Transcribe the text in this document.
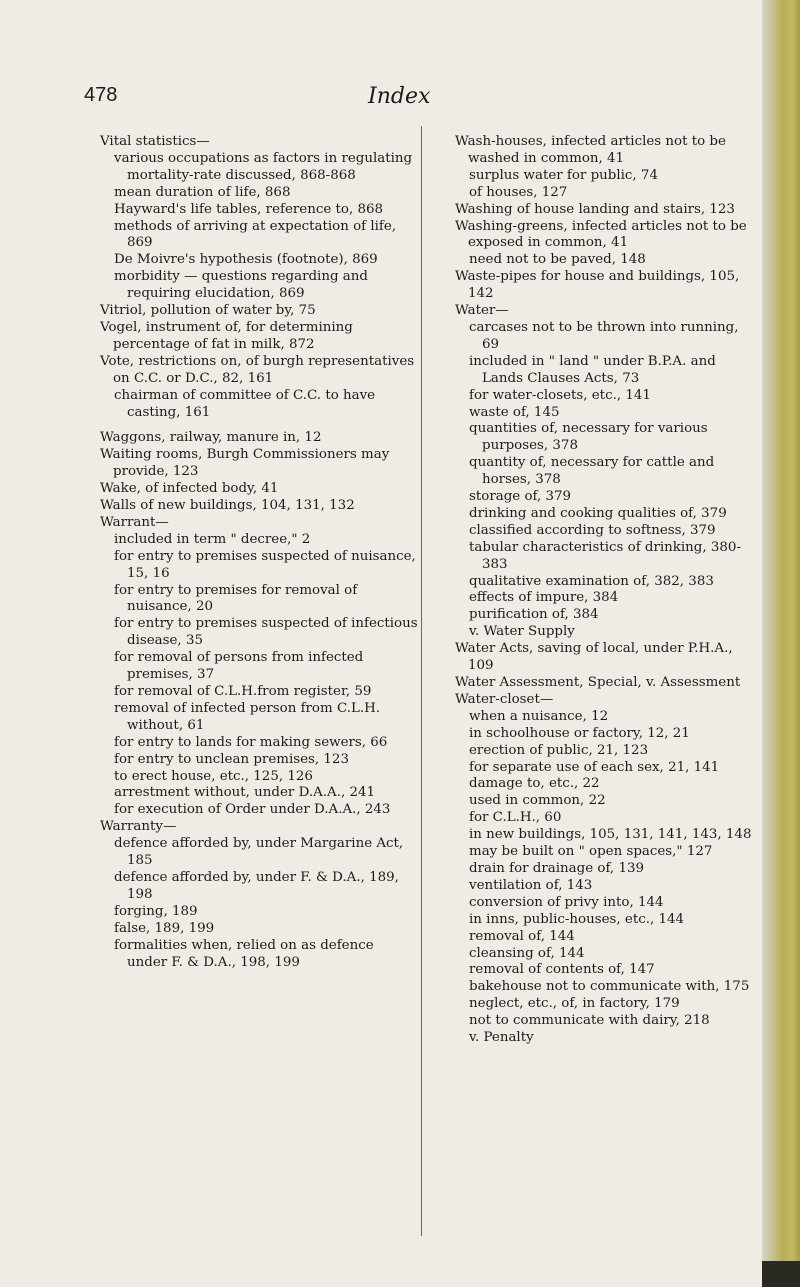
478	Index

Vital statistics—

various occupations as factors in regulating mortality-rate discussed, 868-868

mean duration of life, 868

Hayward's life tables, reference to, 868

methods of arriving at expectation of life, 869

De Moivre's hypothesis (footnote), 869

morbidity — questions regarding and requiring elucidation, 869

Vitriol, pollution of water by, 75

Vogel, instrument of, for determining percentage of fat in milk, 872

Vote, restrictions on, of burgh representatives on C.C. or D.C., 82, 161

chairman of committee of C.C. to have casting, 161

Waggons, railway, manure in, 12

Waiting rooms, Burgh Commissioners may provide, 123

Wake, of infected body, 41

Walls of new buildings, 104, 131, 132

Warrant—

included in term " decree," 2

for entry to premises suspected of nuisance, 15, 16

for entry to premises for removal of nuisance, 20

for entry to premises suspected of infectious disease, 35

for removal of persons from infected premises, 37

for removal of C.L.H.from register, 59

removal of infected person from C.L.H. without, 61

for entry to lands for making sewers, 66

for entry to unclean premises, 123

to erect house, etc., 125, 126

arrestment without, under D.A.A., 241

for execution of Order under D.A.A., 243

Warranty—

defence afforded by, under Margarine Act, 185

defence afforded by, under F. & D.A., 189, 198

forging, 189

false, 189, 199

formalities when, relied on as defence under F. & D.A., 198, 199

Wash-houses, infected articles not to be washed in common, 41

surplus water for public, 74

of houses, 127

Washing of house landing and stairs, 123

Washing-greens, infected articles not to be exposed in common, 41

need not to be paved, 148

Waste-pipes for house and buildings, 105, 142

Water—

carcases not to be thrown into running, 69

included in " land " under B.P.A. and Lands Clauses Acts, 73

for water-closets, etc., 141

waste of, 145

quantities of, necessary for various purposes, 378

quantity of, necessary for cattle and horses, 378

storage of, 379

drinking and cooking qualities of, 379

classified according to softness, 379

tabular characteristics of drinking, 380-383

qualitative examination of, 382, 383

effects of impure, 384

purification of, 384

v. Water Supply

Water Acts, saving of local, under P.H.A., 109

Water Assessment, Special, v. Assessment

Water-closet—

when a nuisance, 12

in schoolhouse or factory, 12, 21

erection of public, 21, 123

for separate use of each sex, 21, 141

damage to, etc., 22

used in common, 22

for C.L.H., 60

in new buildings, 105, 131, 141, 143, 148

may be built on " open spaces," 127

drain for drainage of, 139

ventilation of, 143

conversion of privy into, 144

in inns, public-houses, etc., 144

removal of, 144

cleansing of, 144

removal of contents of, 147

bakehouse not to communicate with, 175

neglect, etc., of, in factory, 179

not to communicate with dairy, 218

v. Penalty
